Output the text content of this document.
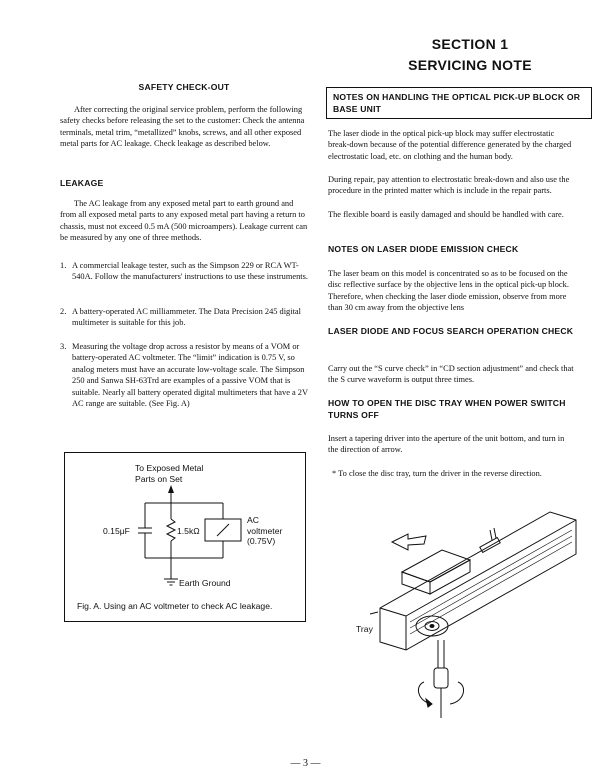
SECTION 1
SERVICING NOTE
SAFETY CHECK-OUT

After correcting the original service problem, perform the following safety checks before releasing the set to the customer: Check the antenna terminals, metal trim, “metallized” knobs, screws, and all other exposed metal parts for AC leakage. Check leakage as described below.

LEAKAGE

The AC leakage from any exposed metal part to earth ground and from all exposed metal parts to any exposed metal part having a return to chassis, must not exceed 0.5 mA (500 microampers). Leakage current can be measured by any one of three methods.

1. A commercial leakage tester, such as the Simpson 229 or RCA WT-540A. Follow the manufacturers' instructions to use these instruments.

2. A battery-operated AC milliammeter. The Data Precision 245 digital multimeter is suitable for this job.

3. Measuring the voltage drop across a resistor by means of a VOM or battery-operated AC voltmeter. The “limit” indication is 0.75 V, so analog meters must have an accurate low-voltage scale. The Simpson 250 and Sanwa SH-63Trd are examples of a passive VOM that is suitable. Nearly all battery operated digital multimeters that have a 2V AC range are suitable. (See Fig. A)

To Exposed Metal
Parts on Set
0.15μF	1.5kΩ
AC
voltmeter
(0.75V)
Earth Ground
Fig. A. Using an AC voltmeter to check AC leakage.
NOTES ON HANDLING THE OPTICAL PICK-UP BLOCK OR BASE UNIT

The laser diode in the optical pick-up block may suffer electrostatic break-down because of the potential difference generated by the charged electrostatic load, etc. on clothing and the human body.

During repair, pay attention to electrostatic break-down and also use the procedure in the printed matter which is include in the repair parts.

The flexible board is easily damaged and should be handled with care.

NOTES ON LASER DIODE EMISSION CHECK

The laser beam on this model is concentrated so as to be focused on the disc reflective surface by the objective lens in the optical pick-up block. Therefore, when checking the laser diode emission, observe from more than 30 cm away from the objective lens

LASER DIODE AND FOCUS SEARCH OPERATION CHECK

Carry out the “S curve check” in “CD section adjustment” and check that the S curve waveform is output three times.

HOW TO OPEN THE DISC TRAY WHEN POWER SWITCH TURNS OFF

Insert a tapering driver into the aperture of the unit bottom, and turn in the direction of arrow.

* To close the disc tray, turn the driver in the reverse direction.

Tray
— 3 —
